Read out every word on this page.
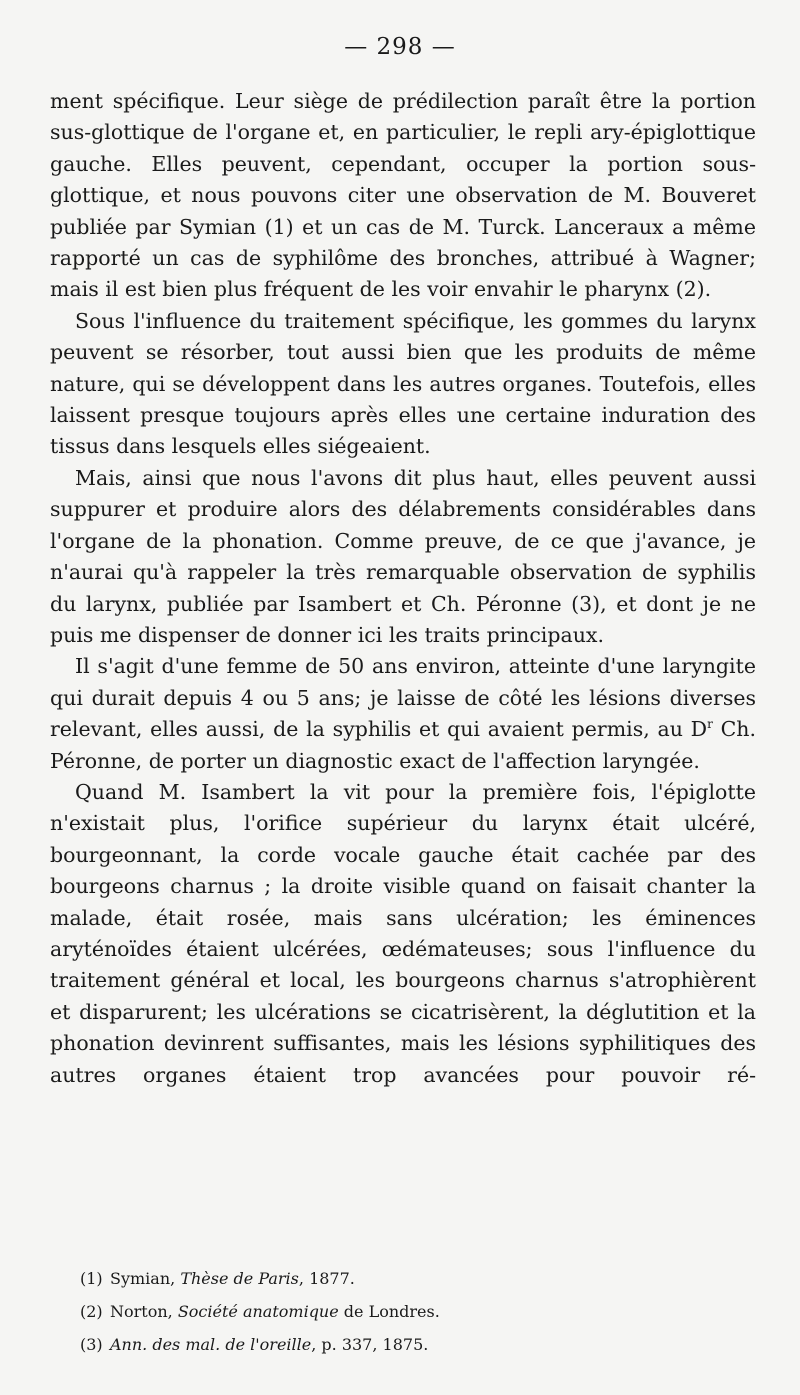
— 298 —

ment spécifique. Leur siège de prédilection paraît être la portion sus-glottique de l'organe et, en particulier, le repli ary-épiglottique gauche. Elles peuvent, cependant, occuper la portion sous-glottique, et nous pouvons citer une observation de M. Bouveret publiée par Symian (1) et un cas de M. Turck. Lanceraux a même rapporté un cas de syphilôme des bronches, attribué à Wagner; mais il est bien plus fréquent de les voir envahir le pharynx (2).

Sous l'influence du traitement spécifique, les gommes du larynx peuvent se résorber, tout aussi bien que les produits de même nature, qui se développent dans les autres organes. Toutefois, elles laissent presque toujours après elles une certaine induration des tissus dans lesquels elles siégeaient.

Mais, ainsi que nous l'avons dit plus haut, elles peuvent aussi suppurer et produire alors des délabrements considérables dans l'organe de la phonation. Comme preuve, de ce que j'avance, je n'aurai qu'à rappeler la très remarquable observation de syphilis du larynx, publiée par Isambert et Ch. Péronne (3), et dont je ne puis me dispenser de donner ici les traits principaux.

Il s'agit d'une femme de 50 ans environ, atteinte d'une laryngite qui durait depuis 4 ou 5 ans; je laisse de côté les lésions diverses relevant, elles aussi, de la syphilis et qui avaient permis, au $D^r$ Ch. Péronne, de porter un diagnostic exact de l'affection laryngée.

Quand M. Isambert la vit pour la première fois, l'épiglotte n'existait plus, l'orifice supérieur du larynx était ulcéré, bourgeonnant, la corde vocale gauche était cachée par des bourgeons charnus ; la droite visible quand on faisait chanter la malade, était rosée, mais sans ulcération; les éminences aryténoïdes étaient ulcérées, œdémateuses; sous l'influence du traitement général et local, les bourgeons charnus s'atrophièrent et disparurent; les ulcérations se cicatrisèrent, la déglutition et la phonation devinrent suffisantes, mais les lésions syphilitiques des autres organes étaient trop avancées pour pouvoir ré-

(1) Symian, Thèse de Paris, 1877.
(2) Norton, Société anatomique de Londres.
(3) Ann. des mal. de l'oreille, p. 337, 1875.
